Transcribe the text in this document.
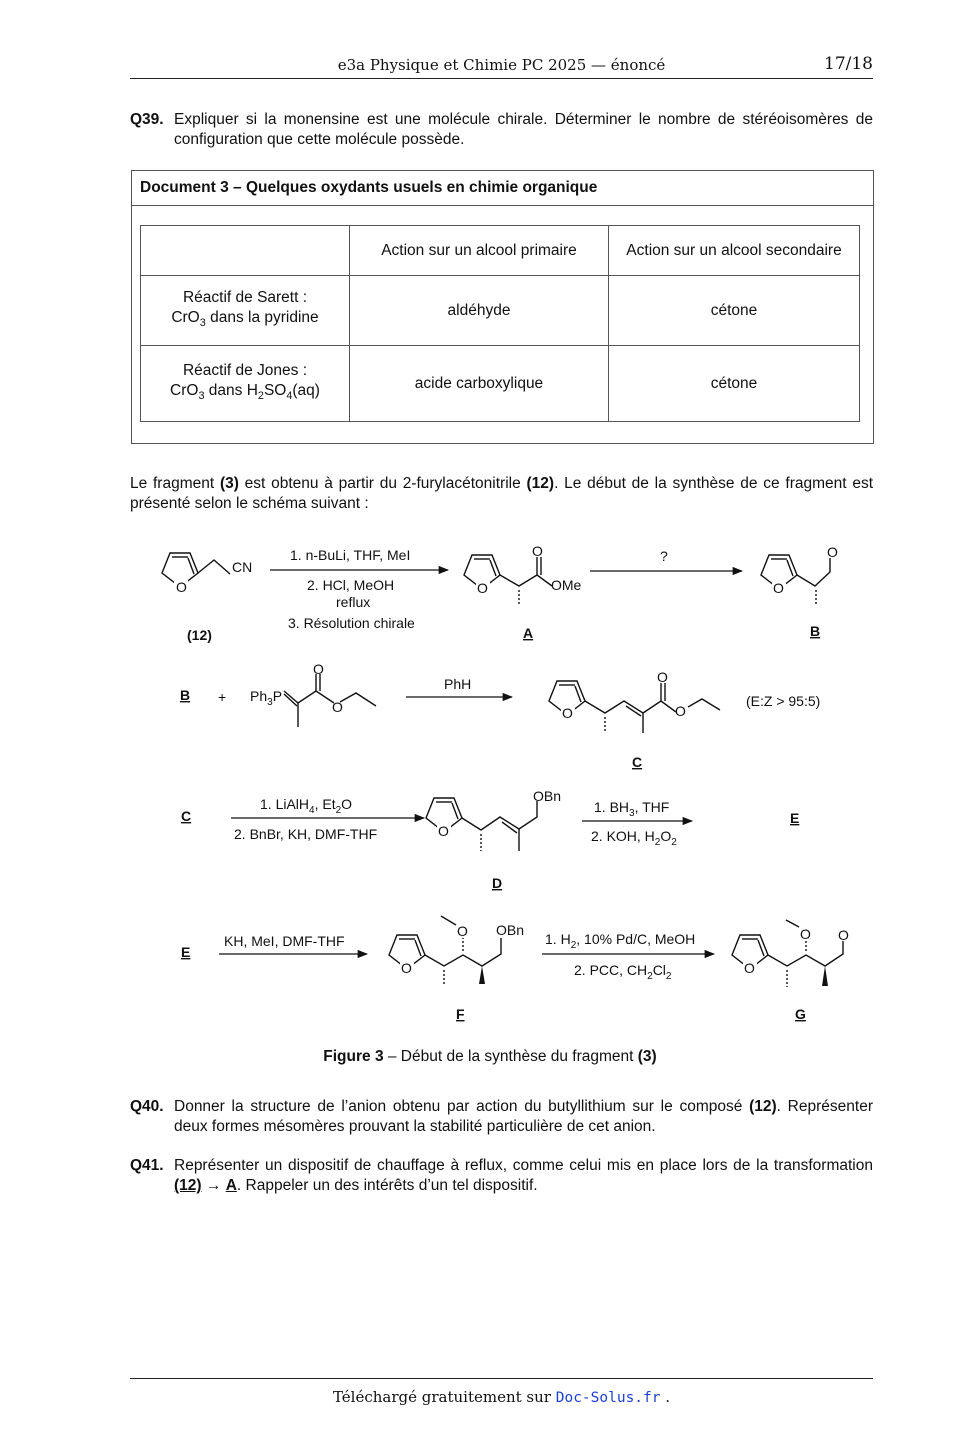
e3a Physique et Chimie PC 2025 — énoncé	17/18
Q39. Expliquer si la monensine est une molécule chirale. Déterminer le nombre de stéréoisomères de configuration que cette molécule possède.
Document 3 – Quelques oxydants usuels en chimie organique
	Action sur un alcool primaire	Action sur un alcool secondaire
Réactif de Sarett :
CrO$_3$ dans la pyridine	aldéhyde	cétone
Réactif de Jones :
CrO$_3$ dans $H_2SO_4(aq)$	acide carboxylique	cétone
Le fragment (3) est obtenu à partir du 2-furylacétonitrile (12). Le début de la synthèse de ce fragment est présenté selon le schéma suivant :
O
CN
(12)
1. n-BuLi, THF, MeI
2. HCl, MeOH
reflux
3. Résolution chirale
O
O
OMe
A
?
O
O
B
$B + Ph_3P$
O
O
PhH
O
O
O
C
(E:Z > 95:5)
C
1. LiAlH$_4$, $Et_2O$
2. BnBr, KH, DMF-THF	O
OBn
D
1. $BH_3$, THF
2. KOH, $H_2O_2$
E
E
KH, MeI, DMF-THF
O
O OBn
F
1. $H_2$, 10% Pd/C, MeOH
2. PCC, $CH_2Cl_2$
O
O O
G
Figure 3 – Début de la synthèse du fragment (3)
Q40. Donner la structure de l’anion obtenu par action du butyllithium sur le composé (12). Représenter deux formes mésomères prouvant la stabilité particulière de cet anion.
Q41. Représenter un dispositif de chauffage à reflux, comme celui mis en place lors de la transformation (12) → A. Rappeler un des intérêts d’un tel dispositif.
Téléchargé gratuitement sur Doc-Solus.fr .
